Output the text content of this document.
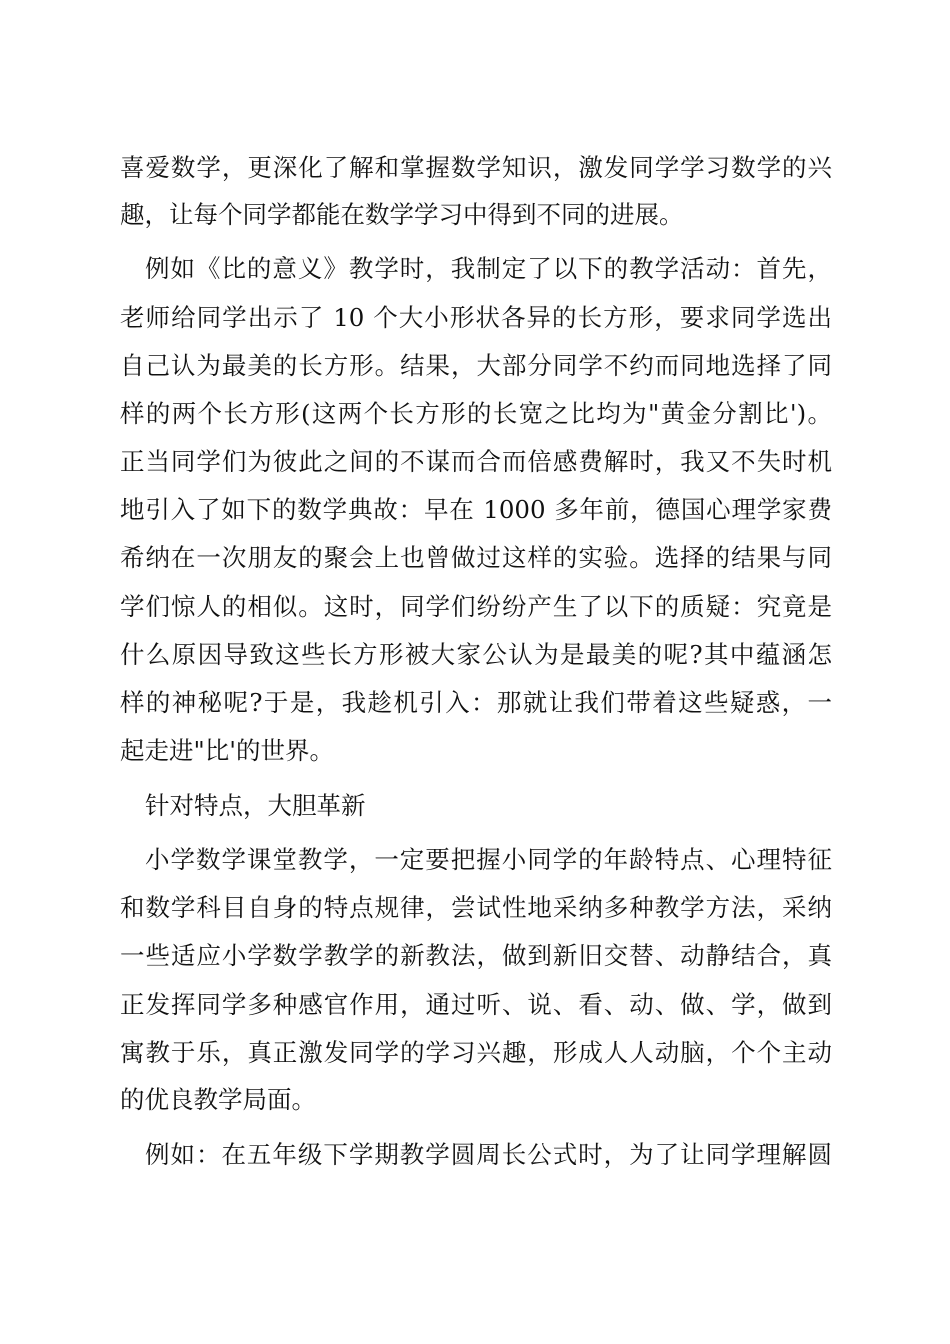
喜爱数学，更深化了解和掌握数学知识，激发同学学习数学的兴
趣，让每个同学都能在数学学习中得到不同的进展。
例如《比的意义》教学时，我制定了以下的教学活动：首先，
老师给同学出示了 10 个大小形状各异的长方形，要求同学选出
自己认为最美的长方形。结果，大部分同学不约而同地选择了同
样的两个长方形(这两个长方形的长宽之比均为"黄金分割比')。
正当同学们为彼此之间的不谋而合而倍感费解时，我又不失时机
地引入了如下的数学典故：早在 1000 多年前，德国心理学家费
希纳在一次朋友的聚会上也曾做过这样的实验。选择的结果与同
学们惊人的相似。这时，同学们纷纷产生了以下的质疑：究竟是
什么原因导致这些长方形被大家公认为是最美的呢?其中蕴涵怎
样的神秘呢?于是，我趁机引入：那就让我们带着这些疑惑，一
起走进"比'的世界。
针对特点，大胆革新
小学数学课堂教学，一定要把握小同学的年龄特点、心理特征
和数学科目自身的特点规律，尝试性地采纳多种教学方法，采纳
一些适应小学数学教学的新教法，做到新旧交替、动静结合，真
正发挥同学多种感官作用，通过听、说、看、动、做、学，做到
寓教于乐，真正激发同学的学习兴趣，形成人人动脑，个个主动
的优良教学局面。
例如：在五年级下学期教学圆周长公式时，为了让同学理解圆
